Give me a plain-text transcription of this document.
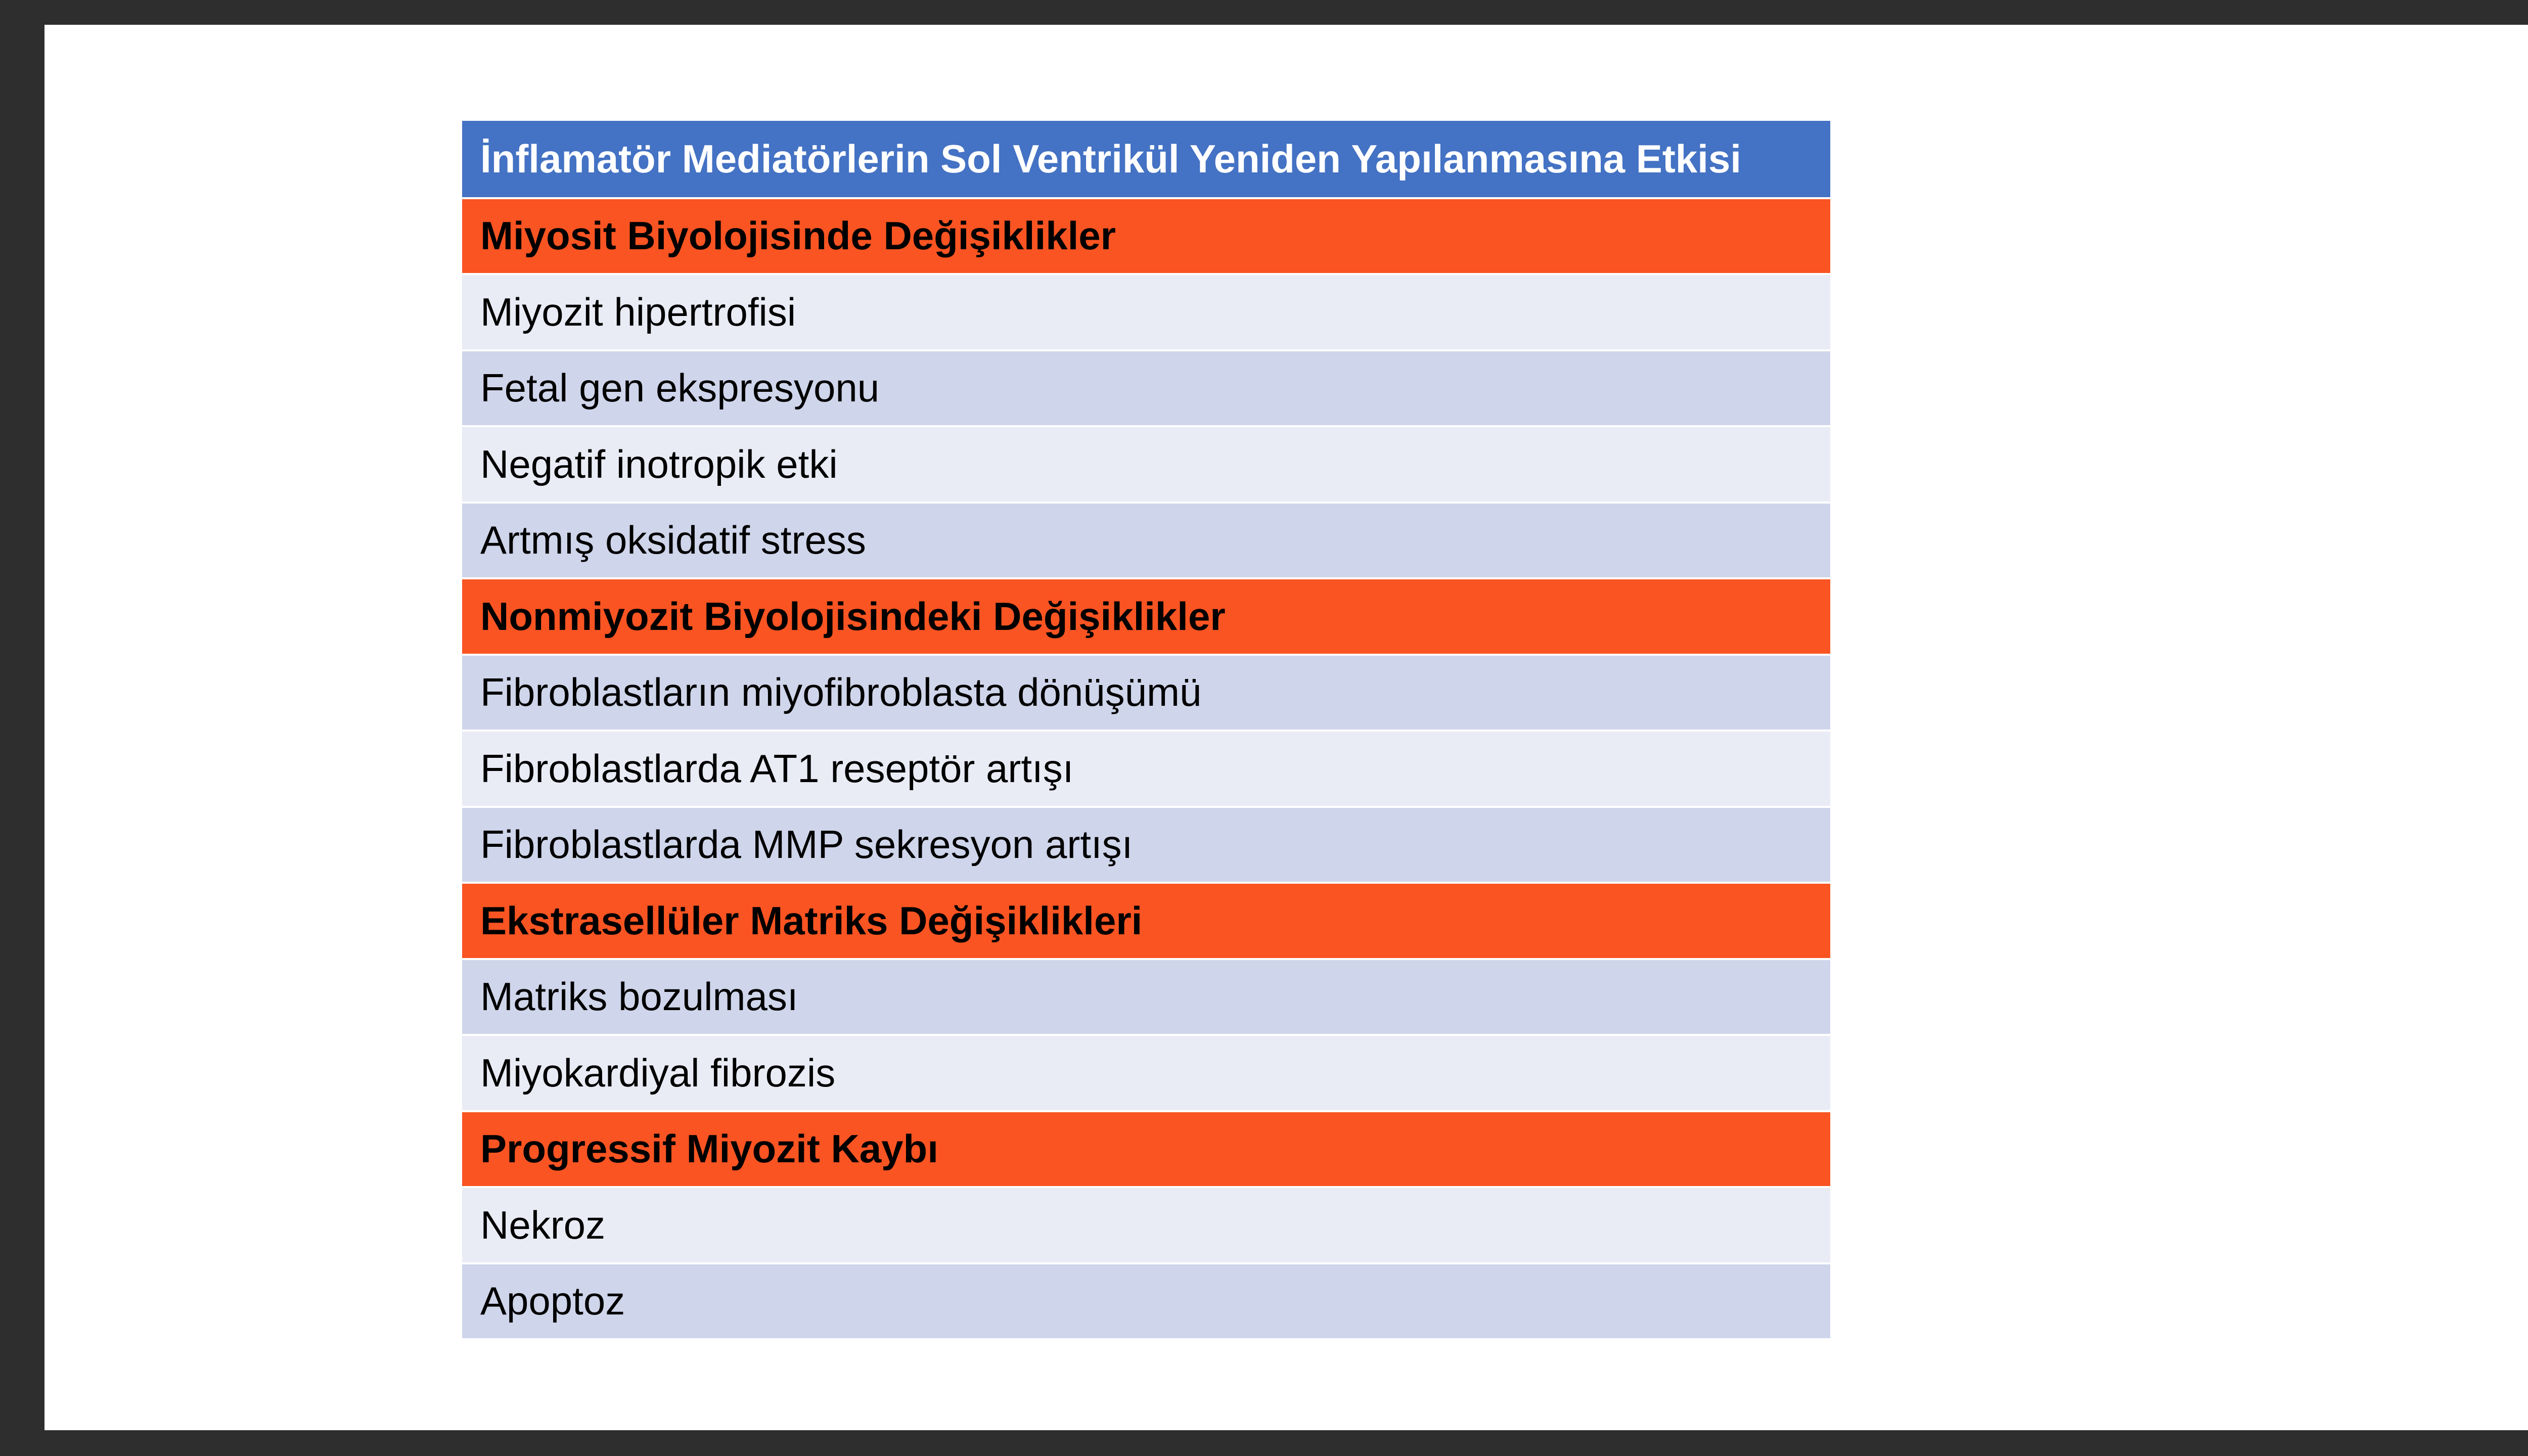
İnflamatör Mediatörlerin Sol Ventrikül Yeniden Yapılanmasına Etkisi
Miyosit Biyolojisinde Değişiklikler
Miyozit hipertrofisi
Fetal gen ekspresyonu
Negatif inotropik etki
Artmış oksidatif stress
Nonmiyozit Biyolojisindeki Değişiklikler
Fibroblastların miyofibroblasta dönüşümü
Fibroblastlarda AT1 reseptör artışı
Fibroblastlarda MMP sekresyon artışı
Ekstrasellüler Matriks Değişiklikleri
Matriks bozulması
Miyokardiyal fibrozis
Progressif Miyozit Kaybı
Nekroz
Apoptoz
